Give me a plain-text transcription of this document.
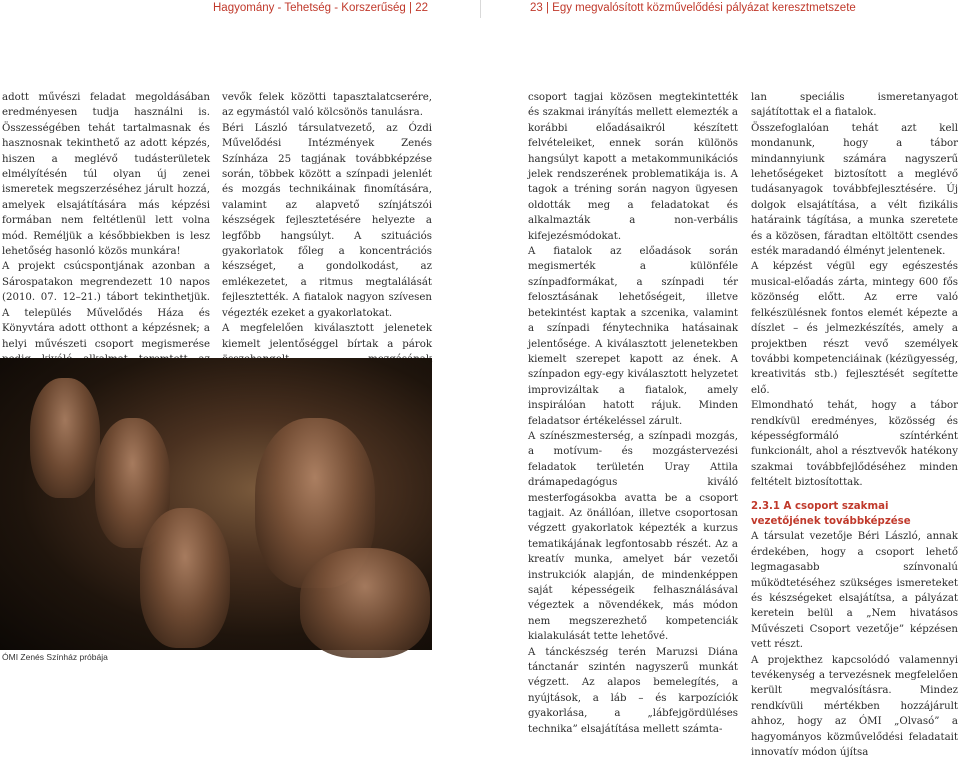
Hagyomány - Tehetség - Korszerűség | 22	23 | Egy megvalósított közművelődési pályázat keresztmetszete

adott művészi feladat megoldásában eredményesen tudja használni is. Összességében tehát tartalmasnak és hasznosnak tekinthető az adott képzés, hiszen a meglévő tudásterületek elmélyítésén túl olyan új zenei ismeretek megszerzéséhez járult hozzá, amelyek elsajátítására más képzési formában nem feltétlenül lett volna mód. Reméljük a későbbiekben is lesz lehetőség hasonló közös munkára!

A projekt csúcspontjának azonban a Sárospatakon megrendezett 10 napos (2010. 07. 12–21.) tábort tekinthetjük. A település Művelődés Háza és Könyvtára adott otthont a képzésnek; a helyi művészeti csoport megismerése

vevők felek közötti tapasztalatcserére, az egymástól való kölcsönös tanulásra.

Béri László társulatvezető, az Ózdi Művelődési Intézmények Zenés Színháza 25 tagjának továbbképzése során, többek között a színpadi jelenlét és mozgás technikáinak finomítására, valamint az alapvető színjátszói készségek fejlesztetésére helyezte a legfőbb hangsúlyt. A szituációs gyakorlatok főleg a koncentrációs készséget, a gondolkodást, az emlékezetet, a ritmus megtalálását fejlesztették. A fiatalok nagyon szívesen végezték ezeket a gyakorlatokat.

A megfelelően kiválasztott jelenetek kiemelt jelentőséggel bírtak a párok

ÓMI Zenés Színház próbája

csoport tagjai közösen megtekintették és szakmai irányítás mellett elemezték a korábbi előadásaikról készített felvételeiket, ennek során különös hangsúlyt kapott a metakommunikációs jelek rendszerének problematikája is. A tagok a tréning során nagyon ügyesen oldották meg a feladatokat és alkalmazták a non-verbális kifejezésmódokat.

A fiatalok az előadások során megismerték a különféle színpadformákat, a színpadi tér felosztásának lehetőségeit, illetve betekintést kaptak a szcenika, valamint a színpadi fénytechnika hatásainak jelentősége. A kiválasztott jelenetekben kiemelt szerepet kapott az ének. A színpadon egy-egy kiválasztott helyzetet improvizáltak a fiatalok, amely inspirálóan hatott rájuk. Minden feladatsor értékeléssel zárult.

A színészmesterség, a színpadi mozgás, a motívum- és mozgástervezési feladatok területén Uray Attila drámapedagógus kiváló mesterfogásokba avatta be a csoport tagjait. Az önállóan, illetve csoportosan végzett gyakorlatok képezték a kurzus tematikájának legfontosabb részét. Az a kreatív munka, amelyet bár vezetői instrukciók alapján, de mindenképpen saját képességeik felhasználásával végeztek a növendékek, más módon nem megszerezhető kompetenciák kialakulását tette lehetővé.

A tánckészség terén Maruzsi Diána tánctanár szintén nagyszerű munkát végzett. Az alapos bemelegítés, a nyújtások, a láb – és karpozíciók gyakorlása, a „lábfejgördüléses technika” elsajátítása mellett számta-

lan speciális ismeretanyagot sajátítottak el a fiatalok.

Összefoglalóan tehát azt kell mondanunk, hogy a tábor mindannyiunk számára nagyszerű lehetőségeket biztosított a meglévő tudásanyagok továbbfejlesztésére. Új dolgok elsajátítása, a vélt fizikális határaink tágítása, a munka szeretete és a közösen, fáradtan eltöltött csendes esték maradandó élményt jelentenek.

A képzést végül egy egészestés musical-előadás zárta, mintegy 600 fős közönség előtt. Az erre való felkészülésnek fontos elemét képezte a díszlet – és jelmezkészítés, amely a projektben részt vevő személyek további kompetenciáinak (kézügyesség, kreativitás stb.) fejlesztését segítette elő.

Elmondható tehát, hogy a tábor rendkívül eredményes, közösség és képességformáló színtérként funkcionált, ahol a résztvevők hatékony szakmai továbbfejlődéséhez minden feltételt biztosítottak.

2.3.1 A csoport szakmai vezetőjének továbbképzése

A társulat vezetője Béri László, annak érdekében, hogy a csoport lehető legmagasabb színvonalú működtetéséhez szükséges ismereteket és készségeket elsajátítsa, a pályázat keretein belül a „Nem hivatásos Művészeti Csoport vezetője” képzésen vett részt.

A projekthez kapcsolódó valamennyi tevékenység a tervezésnek megfelelően került megvalósításra. Mindez rendkívüli mértékben hozzájárult ahhoz, hogy az ÓMI „Olvasó” a hagyományos közművelődési feladatait innovatív módon újítsa
